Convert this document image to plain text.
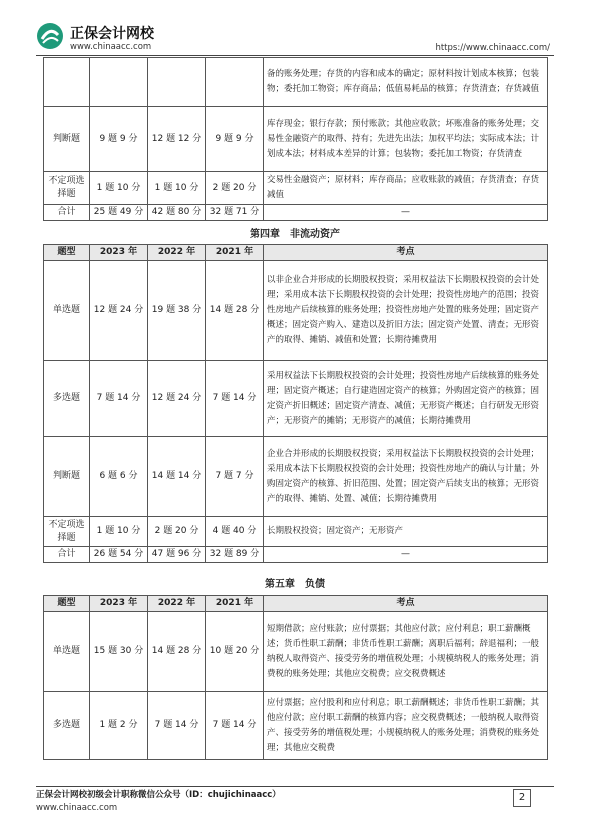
正保会计网校
www.chinaacc.com	https://www.chinaacc.com/
				备的账务处理；存货的内容和成本的确定；原材料按计划成本核算；包装物；委托加工物资；库存商品；低值易耗品的核算；存货清查；存货减值
判断题	9 题 9 分	12 题 12 分	9 题 9 分	库存现金；银行存款；预付账款；其他应收款；坏账准备的账务处理；交易性金融资产的取得、持有；先进先出法；加权平均法；实际成本法；计划成本法；材料成本差异的计算；包装物；委托加工物资；存货清查
不定项选择题	1 题 10 分	1 题 10 分	2 题 20 分	交易性金融资产；原材料；库存商品；应收账款的减值；存货清查；存货减值
合计	25 题 49 分	42 题 80 分	32 题 71 分	—
第四章　非流动资产
题型	2023 年	2022 年	2021 年	考点
单选题	12 题 24 分	19 题 38 分	14 题 28 分	以非企业合并形成的长期股权投资；采用权益法下长期股权投资的会计处理；采用成本法下长期股权投资的会计处理；投资性房地产的范围；投资性房地产后续核算的账务处理；投资性房地产处置的账务处理；固定资产概述；固定资产购入、建造以及折旧方法；固定资产处置、清查；无形资产的取得、摊销、减值和处置；长期待摊费用
多选题	7 题 14 分	12 题 24 分	7 题 14 分	采用权益法下长期股权投资的会计处理；投资性房地产后续核算的账务处理；固定资产概述；自行建造固定资产的核算；外购固定资产的核算；固定资产折旧概述；固定资产清查、减值；无形资产概述；自行研发无形资产；无形资产的摊销；无形资产的减值；长期待摊费用
判断题	6 题 6 分	14 题 14 分	7 题 7 分	企业合并形成的长期股权投资；采用权益法下长期股权投资的会计处理；采用成本法下长期股权投资的会计处理；投资性房地产的确认与计量；外购固定资产的核算、折旧范围、处置；固定资产后续支出的核算；无形资产的取得、摊销、处置、减值；长期待摊费用
不定项选择题	1 题 10 分	2 题 20 分	4 题 40 分	长期股权投资；固定资产；无形资产
合计	26 题 54 分	47 题 96 分	32 题 89 分	—
第五章　负债
题型	2023 年	2022 年	2021 年	考点
单选题	15 题 30 分	14 题 28 分	10 题 20 分	短期借款；应付账款；应付票据；其他应付款；应付利息；职工薪酬概述；货币性职工薪酬；非货币性职工薪酬；离职后福利；辞退福利；一般纳税人取得资产、接受劳务的增值税处理；小规模纳税人的账务处理；消费税的账务处理；其他应交税费；应交税费概述
多选题	1 题 2 分	7 题 14 分	7 题 14 分	应付票据；应付股利和应付利息；职工薪酬概述；非货币性职工薪酬；其他应付款；应付职工薪酬的核算内容；应交税费概述；一般纳税人取得资产、接受劳务的增值税处理；小规模纳税人的账务处理；消费税的账务处理；其他应交税费
正保会计网校初级会计职称微信公众号（ID：chujichinaacc）
www.chinaacc.com
2
